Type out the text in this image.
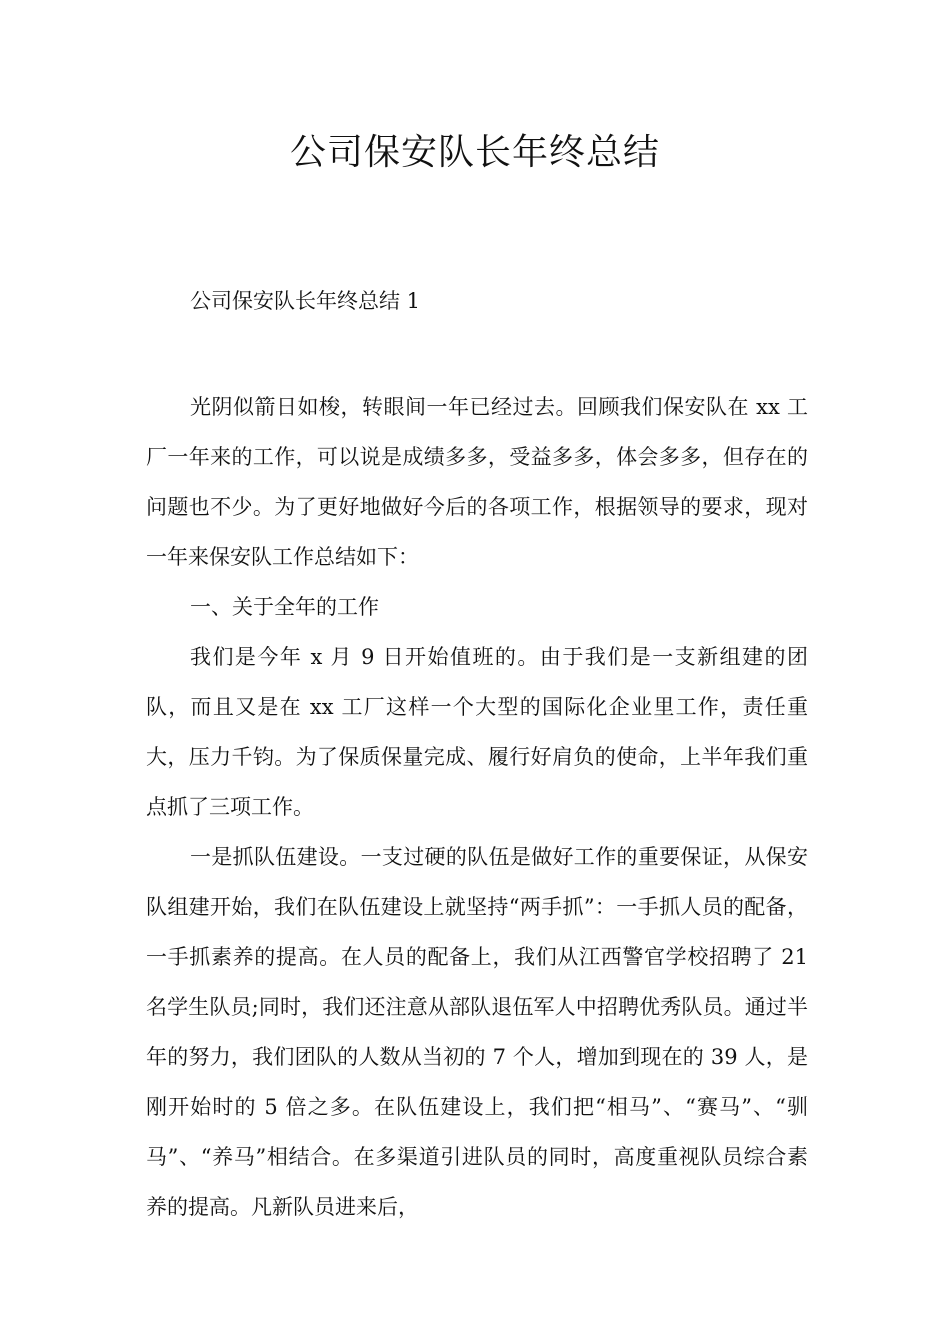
公司保安队长年终总结

公司保安队长年终总结 1

光阴似箭日如梭，转眼间一年已经过去。回顾我们保安队在 xx 工厂一年来的工作，可以说是成绩多多，受益多多，体会多多，但存在的问题也不少。为了更好地做好今后的各项工作，根据领导的要求，现对一年来保安队工作总结如下：

一、关于全年的工作

我们是今年 x 月 9 日开始值班的。由于我们是一支新组建的团队，而且又是在 xx 工厂这样一个大型的国际化企业里工作，责任重大，压力千钧。为了保质保量完成、履行好肩负的使命，上半年我们重点抓了三项工作。

一是抓队伍建设。一支过硬的队伍是做好工作的重要保证，从保安队组建开始，我们在队伍建设上就坚持“两手抓”：一手抓人员的配备，一手抓素养的提高。在人员的配备上，我们从江西警官学校招聘了 21 名学生队员;同时，我们还注意从部队退伍军人中招聘优秀队员。通过半年的努力，我们团队的人数从当初的 7 个人，增加到现在的 39 人，是刚开始时的 5 倍之多。在队伍建设上，我们把“相马”、“赛马”、“驯马”、“养马”相结合。在多渠道引进队员的同时，高度重视队员综合素养的提高。凡新队员进来后，
